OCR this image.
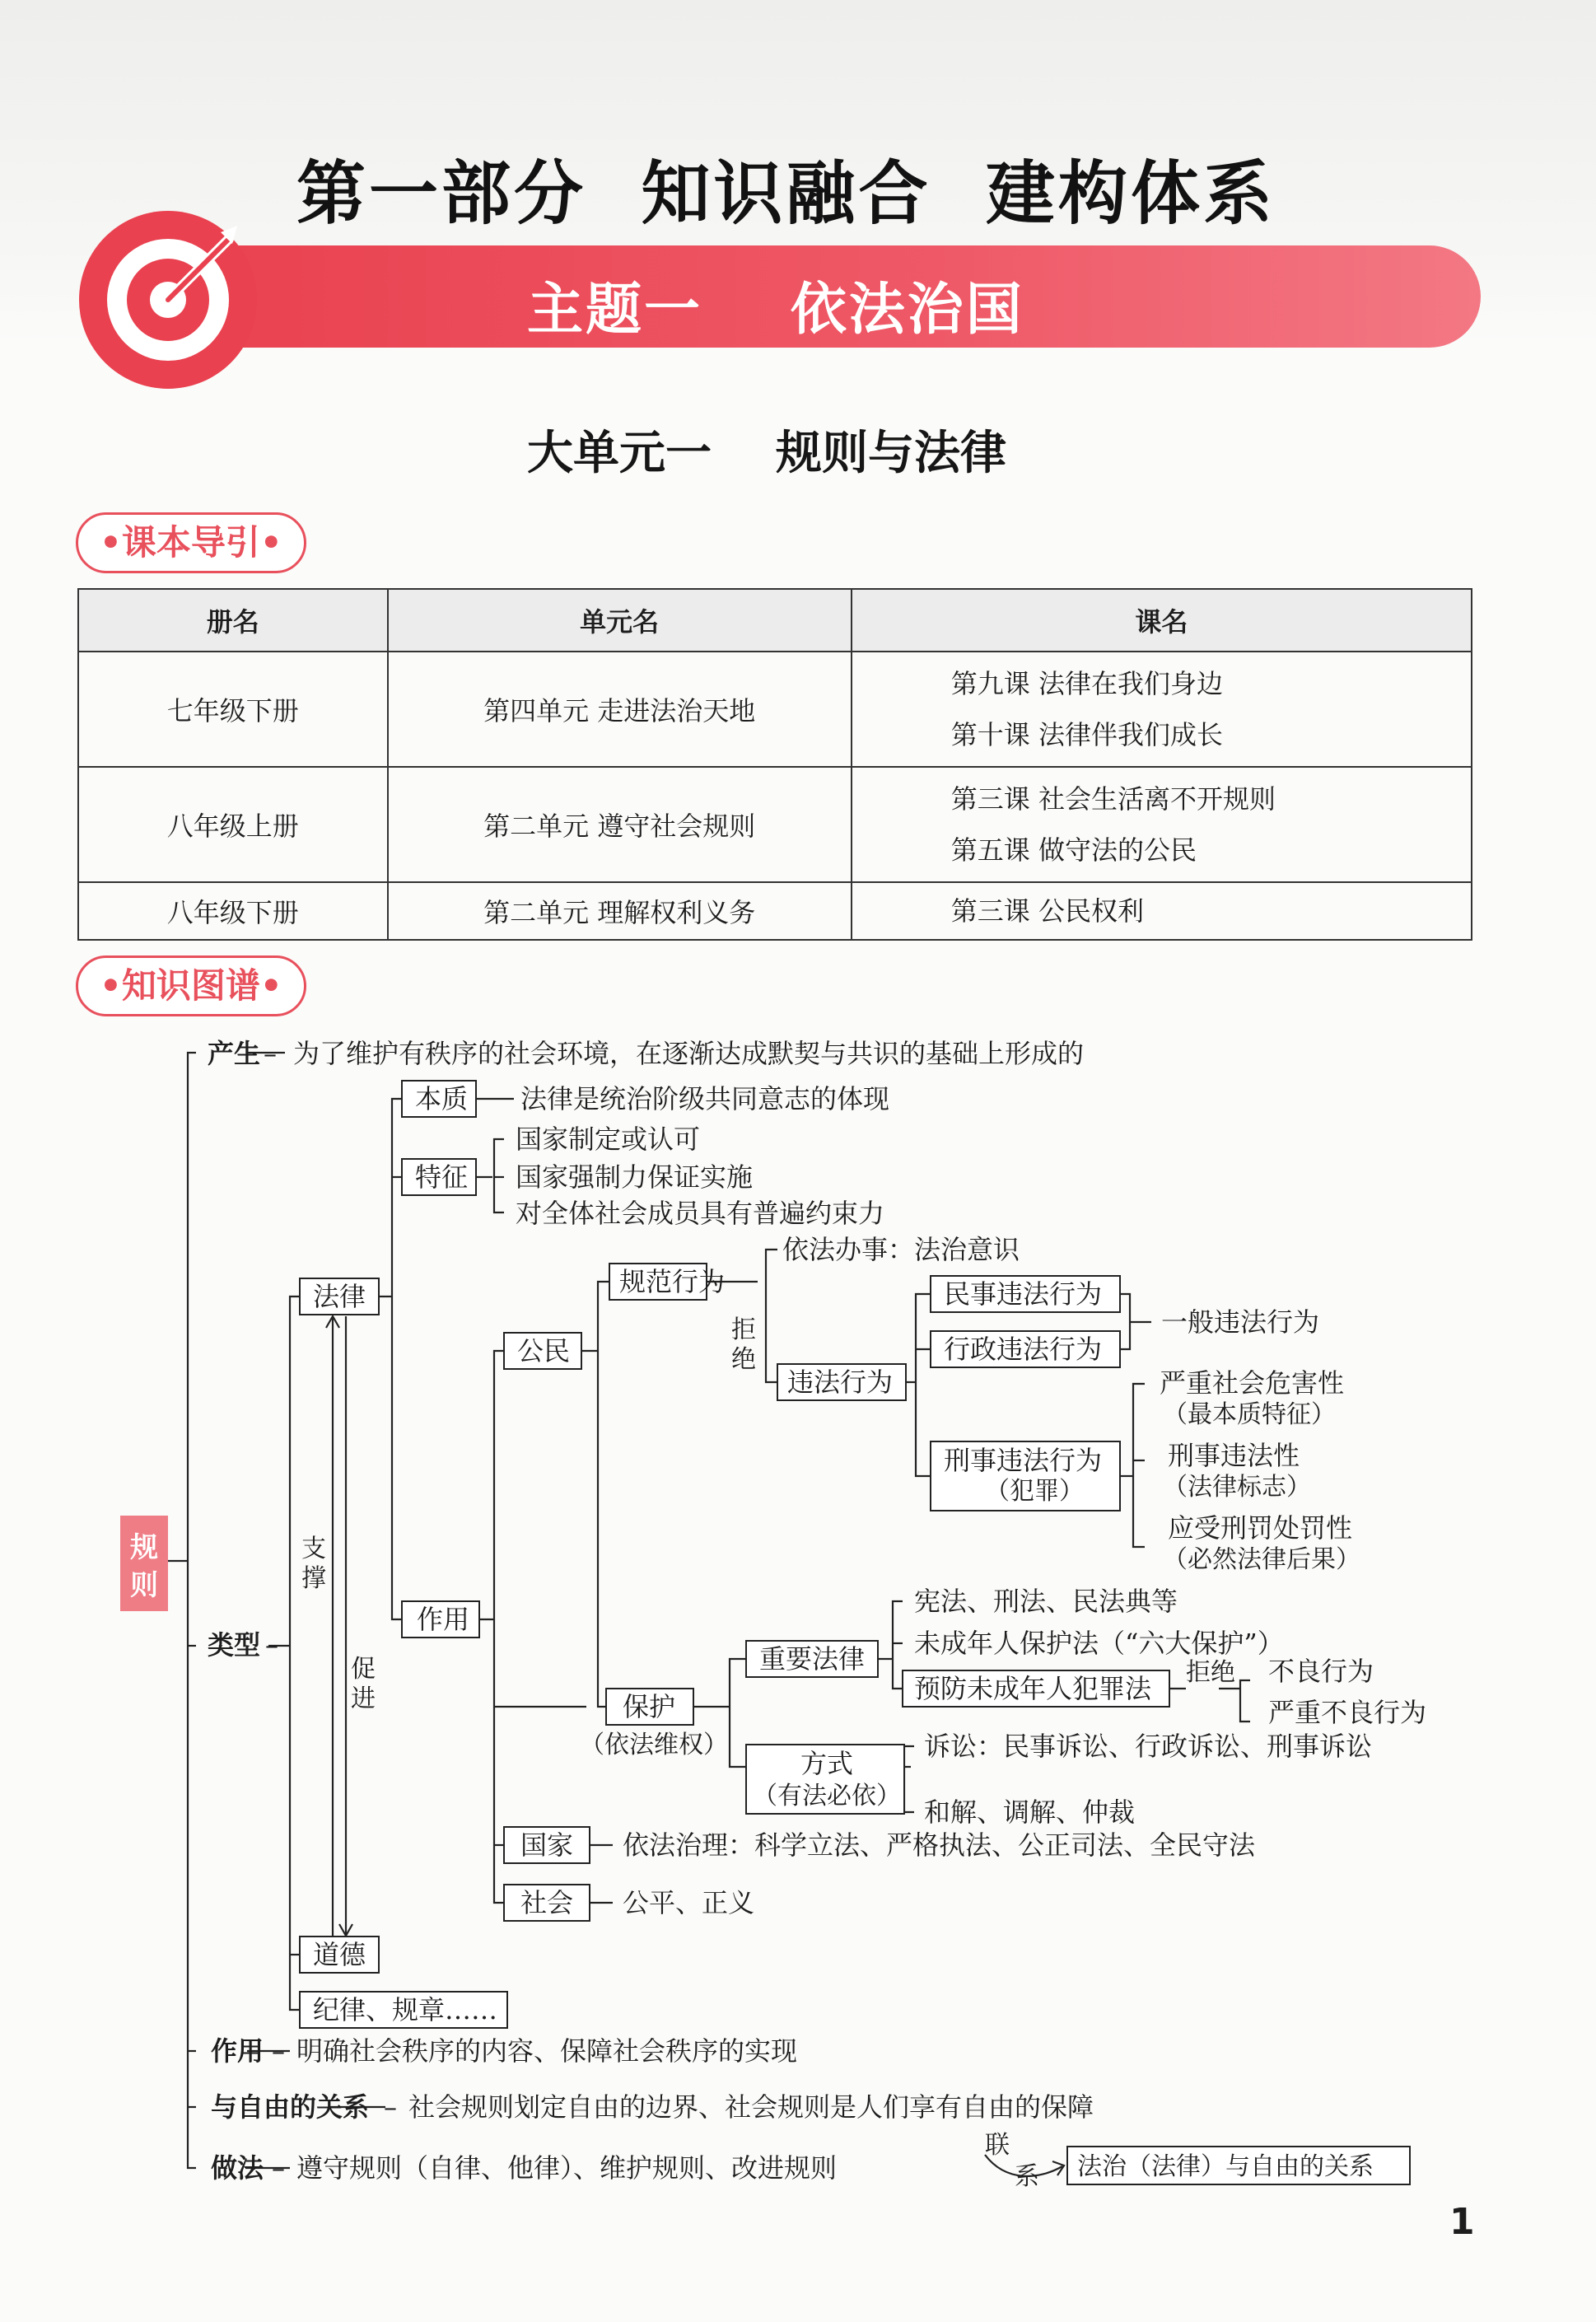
第一部分  知识融合  建构体系
主题一    依法治国
大单元一    规则与法律
•课本导引•
册名	单元名	课名
七年级下册	第四单元 走进法治天地	第九课 法律在我们身边
第十课 法律伴我们成长

八年级上册	第二单元 遵守社会规则	第三课 社会生活离不开规则
第五课 做守法的公民

八年级下册	第二单元 理解权利义务	第三课 公民权利
•知识图谱•
规
则
产生 – 为了维护有秩序的社会环境，在逐渐达成默契与共识的基础上形成的
类型 –
法律
本质 法律是统治阶级共同意志的体现
特征
国家制定或认可
国家强制力保证实施
对全体社会成员具有普遍约束力
公民
规范行为
依法办事：法治意识
拒
绝
违法行为
民事违法行为
行政违法行为
一般违法行为
刑事违法行为
（犯罪）
严重社会危害性
（最本质特征）
刑事违法性
（法律标志）
应受刑罚处罚性
（必然法律后果）
支
撑
促
进
作用
保护
（依法维权）
重要法律
宪法、刑法、民法典等
未成年人保护法（“六大保护”）
预防未成年人犯罪法
拒绝 不良行为
严重不良行为
方式
（有法必依）
诉讼：民事诉讼、行政诉讼、刑事诉讼
和解、调解、仲裁
国家 依法治理：科学立法、严格执法、公正司法、全民守法
社会 公平、正义
道德
纪律、规章……
作用 – 明确社会秩序的内容、保障社会秩序的实现
与自由的关系 – 社会规则划定自由的边界、社会规则是人们享有自由的保障
做法 – 遵守规则（自律、他律）、维护规则、改进规则
联
系 法治（法律）与自由的关系
1
